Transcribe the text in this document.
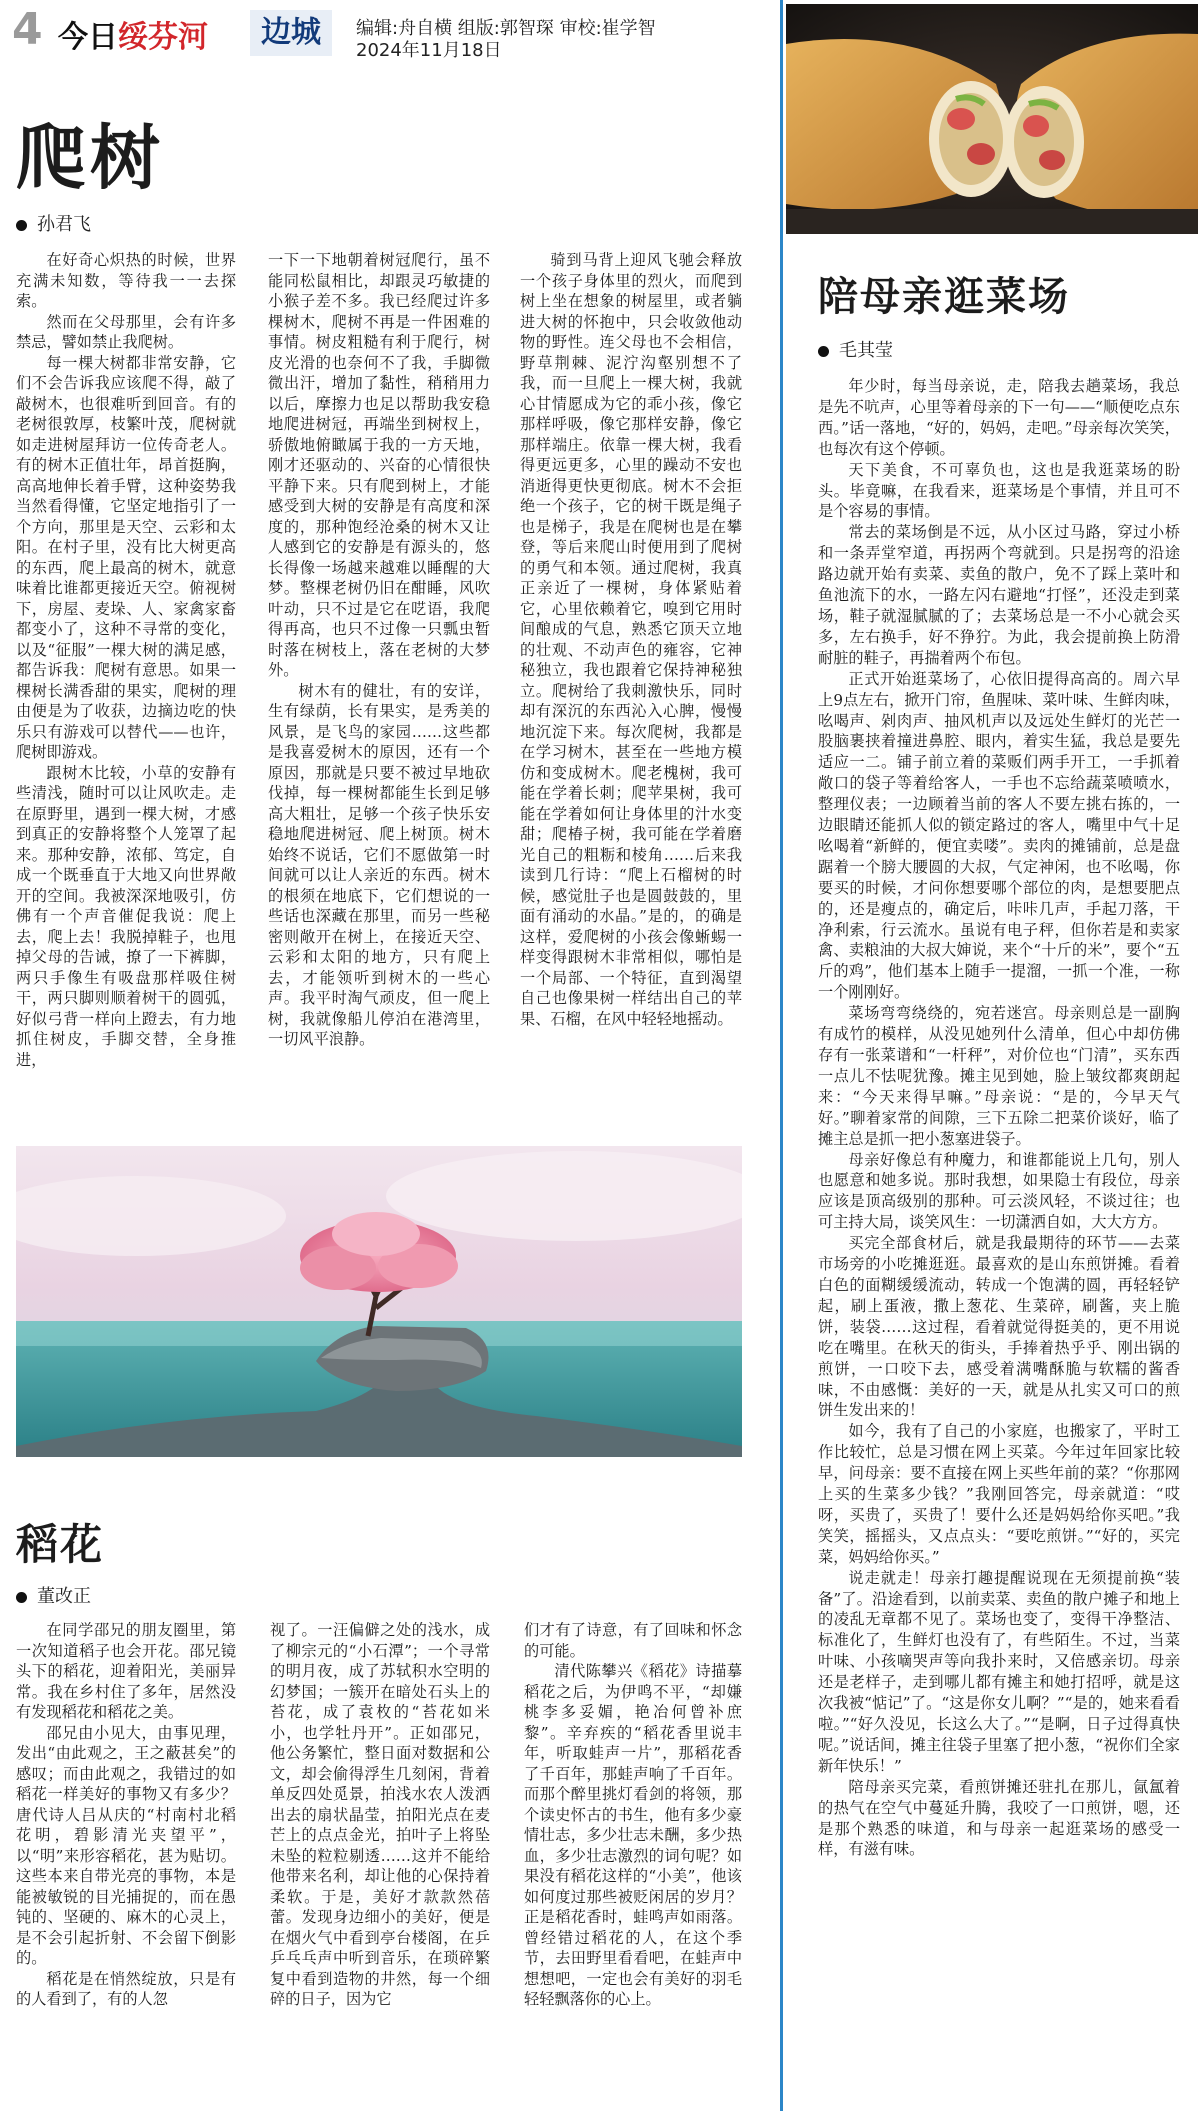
4 今日绥芬河	边城	编辑:舟自横 组版:郭智琛 审校:崔学智
2024年11月18日
爬树
孙君飞

在好奇心炽热的时候，世界充满未知数，等待我一一去探索。

然而在父母那里，会有许多禁忌，譬如禁止我爬树。

每一棵大树都非常安静，它们不会告诉我应该爬不得，敲了敲树木，也很难听到回音。有的老树很敦厚，枝繁叶茂，爬树就如走进树屋拜访一位传奇老人。有的树木正值壮年，昂首挺胸，高高地伸长着手臂，这种姿势我当然看得懂，它坚定地指引了一个方向，那里是天空、云彩和太阳。在村子里，没有比大树更高的东西，爬上最高的树木，就意味着比谁都更接近天空。俯视树下，房屋、麦垛、人、家禽家畜都变小了，这种不寻常的变化，以及“征服”一棵大树的满足感，都告诉我：爬树有意思。如果一棵树长满香甜的果实，爬树的理由便是为了收获，边摘边吃的快乐只有游戏可以替代——也许，爬树即游戏。

跟树木比较，小草的安静有些清浅，随时可以让风吹走。走在原野里，遇到一棵大树，才感到真正的安静将整个人笼罩了起来。那种安静，浓郁、笃定，自成一个既垂直于大地又向世界敞开的空间。我被深深地吸引，仿佛有一个声音催促我说：爬上去，爬上去！我脱掉鞋子，也甩掉父母的告诫，撩了一下裤脚，两只手像生有吸盘那样吸住树干，两只脚则顺着树干的圆弧，好似弓背一样向上蹬去，有力地抓住树皮，手脚交替，全身推进，

一下一下地朝着树冠爬行，虽不能同松鼠相比，却跟灵巧敏捷的小猴子差不多。我已经爬过许多棵树木，爬树不再是一件困难的事情。树皮粗糙有利于爬行，树皮光滑的也奈何不了我，手脚微微出汗，增加了黏性，稍稍用力以后，摩擦力也足以帮助我安稳地爬进树冠，再端坐到树杈上，骄傲地俯瞰属于我的一方天地，刚才还驱动的、兴奋的心情很快平静下来。只有爬到树上，才能感受到大树的安静是有高度和深度的，那种饱经沧桑的树木又让人感到它的安静是有源头的，悠长得像一场越来越难以睡醒的大梦。整棵老树仍旧在酣睡，风吹叶动，只不过是它在呓语，我爬得再高，也只不过像一只瓢虫暂时落在树枝上，落在老树的大梦外。

树木有的健壮，有的安详，生有绿荫，长有果实，是秀美的风景，是飞鸟的家园……这些都是我喜爱树木的原因，还有一个原因，那就是只要不被过早地砍伐掉，每一棵树都能生长到足够高大粗壮，足够一个孩子快乐安稳地爬进树冠、爬上树顶。树木始终不说话，它们不愿做第一时间就可以让人亲近的东西。树木的根须在地底下，它们想说的一些话也深藏在那里，而另一些秘密则敞开在树上，在接近天空、云彩和太阳的地方，只有爬上去，才能领听到树木的一些心声。我平时淘气顽皮，但一爬上树，我就像船儿停泊在港湾里，一切风平浪静。

骑到马背上迎风飞驰会释放一个孩子身体里的烈火，而爬到树上坐在想象的树屋里，或者躺进大树的怀抱中，只会收敛他动物的野性。连父母也不会相信，野草荆棘、泥泞沟壑别想不了我，而一旦爬上一棵大树，我就心甘情愿成为它的乖小孩，像它那样呼吸，像它那样安静，像它那样端庄。依靠一棵大树，我看得更远更多，心里的躁动不安也消逝得更快更彻底。树木不会拒绝一个孩子，它的树干既是绳子也是梯子，我是在爬树也是在攀登，等后来爬山时便用到了爬树的勇气和本领。通过爬树，我真正亲近了一棵树，身体紧贴着它，心里依赖着它，嗅到它用时间酿成的气息，熟悉它顶天立地的壮观、不动声色的雍容，它神秘独立，我也跟着它保持神秘独立。爬树给了我刺激快乐，同时却有深沉的东西沁入心脾，慢慢地沉淀下来。每次爬树，我都是在学习树木，甚至在一些地方模仿和变成树木。爬老槐树，我可能在学着长刺；爬苹果树，我可能在学着如何让身体里的汁水变甜；爬椿子树，我可能在学着磨光自己的粗粝和棱角……后来我读到几行诗：“爬上石榴树的时候，感觉肚子也是圆鼓鼓的，里面有涌动的水晶。”是的，的确是这样，爱爬树的小孩会像蜥蜴一样变得跟树木非常相似，哪怕是一个局部、一个特征，直到渴望自己也像果树一样结出自己的苹果、石榴，在风中轻轻地摇动。

稻花
董改正

在同学邵兄的朋友圈里，第一次知道稻子也会开花。邵兄镜头下的稻花，迎着阳光，美丽异常。我在乡村住了多年，居然没有发现稻花和稻花之美。

邵兄由小见大，由事见理，发出“由此观之，王之蔽甚矣”的感叹；而由此观之，我错过的如稻花一样美好的事物又有多少？唐代诗人吕从庆的“村南村北稻花明，碧影清光夹望平”，以“明”来形容稻花，甚为贴切。这些本来自带光亮的事物，本是能被敏锐的目光捕捉的，而在愚钝的、坚硬的、麻木的心灵上，是不会引起折射、不会留下倒影的。

稻花是在悄然绽放，只是有的人看到了，有的人忽

视了。一汪偏僻之处的浅水，成了柳宗元的“小石潭”；一个寻常的明月夜，成了苏轼积水空明的幻梦国；一簇开在暗处石头上的苔花，成了袁枚的“苔花如米小，也学牡丹开”。正如邵兄，他公务繁忙，整日面对数据和公文，却会偷得浮生几刻闲，背着单反四处觅景，拍浅水农人泼洒出去的扇状晶莹，拍阳光点在麦芒上的点点金光，拍叶子上将坠未坠的粒粒剔透……这并不能给他带来名利，却让他的心保持着柔软。于是，美好才款款然蓓蕾。发现身边细小的美好，便是在烟火气中看到亭台楼阁，在乒乒乓乓声中听到音乐，在琐碎繁复中看到造物的井然，每一个细碎的日子，因为它

们才有了诗意，有了回味和怀念的可能。

清代陈攀兴《稻花》诗描摹稻花之后，为伊鸣不平，“却嫌桃李多妥媚，艳冶何曾补庶黎”。辛弃疾的“稻花香里说丰年，听取蛙声一片”，那稻花香了千百年，那蛙声响了千百年。而那个醉里挑灯看剑的将领，那个读史怀古的书生，他有多少豪情壮志，多少壮志未酬，多少热血，多少壮志激烈的词句呢？如果没有稻花这样的“小美”，他该如何度过那些被贬闲居的岁月？正是稻花香时，蛙鸣声如雨落。曾经错过稻花的人，在这个季节，去田野里看看吧，在蛙声中想想吧，一定也会有美好的羽毛轻轻飘落你的心上。

陪母亲逛菜场
毛其莹

年少时，每当母亲说，走，陪我去趟菜场，我总是先不吭声，心里等着母亲的下一句——“顺便吃点东西。”话一落地，“好的，妈妈，走吧。”母亲每次笑笑，也每次有这个停顿。

天下美食，不可辜负也，这也是我逛菜场的盼头。毕竟嘛，在我看来，逛菜场是个事情，并且可不是个容易的事情。

常去的菜场倒是不远，从小区过马路，穿过小桥和一条弄堂窄道，再拐两个弯就到。只是拐弯的沿途路边就开始有卖菜、卖鱼的散户，免不了踩上菜叶和鱼池流下的水，一路左闪右避地“打怪”，还没走到菜场，鞋子就湿腻腻的了；去菜场总是一不小心就会买多，左右换手，好不狰狞。为此，我会提前换上防滑耐脏的鞋子，再揣着两个布包。

正式开始逛菜场了，心依旧提得高高的。周六早上9点左右，掀开门帘，鱼腥味、菜叶味、生鲜肉味，吆喝声、剁肉声、抽风机声以及远处生鲜灯的光芒一股脑裹挟着撞进鼻腔、眼内，着实生猛，我总是要先适应一二。铺子前立着的菜贩们两手开工，一手抓着敞口的袋子等着给客人，一手也不忘给蔬菜喷喷水，整理仪表；一边顾着当前的客人不要左挑右拣的，一边眼睛还能抓人似的锁定路过的客人，嘴里中气十足吆喝着“新鲜的，便宜卖喽”。卖肉的摊铺前，总是盘踞着一个膀大腰圆的大叔，气定神闲，也不吆喝，你要买的时候，才问你想要哪个部位的肉，是想要肥点的，还是瘦点的，确定后，咔咔几声，手起刀落，干净利索，行云流水。虽说有电子秤，但你若是和卖家禽、卖粮油的大叔大婶说，来个“十斤的米”，要个“五斤的鸡”，他们基本上随手一提溜，一抓一个准，一称一个刚刚好。

菜场弯弯绕绕的，宛若迷宫。母亲则总是一副胸有成竹的模样，从没见她列什么清单，但心中却仿佛存有一张菜谱和“一杆秤”，对价位也“门清”，买东西一点儿不怯呢犹豫。摊主见到她，脸上皱纹都爽朗起来：“今天来得早嘛。”母亲说：“是的，今早天气好。”聊着家常的间隙，三下五除二把菜价谈好，临了摊主总是抓一把小葱塞进袋子。

母亲好像总有种魔力，和谁都能说上几句，别人也愿意和她多说。那时我想，如果隐士有段位，母亲应该是顶高级别的那种。可云淡风轻，不谈过往；也可主持大局，谈笑风生：一切潇洒自如，大大方方。

买完全部食材后，就是我最期待的环节——去菜市场旁的小吃摊逛逛。最喜欢的是山东煎饼摊。看着白色的面糊缓缓流动，转成一个饱满的圆，再轻轻铲起，刷上蛋液，撒上葱花、生菜碎，刷酱，夹上脆饼，装袋……这过程，看着就觉得挺美的，更不用说吃在嘴里。在秋天的街头，手捧着热乎乎、刚出锅的煎饼，一口咬下去，感受着满嘴酥脆与软糯的酱香味，不由感慨：美好的一天，就是从扎实又可口的煎饼生发出来的！

如今，我有了自己的小家庭，也搬家了，平时工作比较忙，总是习惯在网上买菜。今年过年回家比较早，问母亲：要不直接在网上买些年前的菜？“你那网上买的生菜多少钱？”我刚回答完，母亲就道：“哎呀，买贵了，买贵了！要什么还是妈妈给你买吧。”我笑笑，摇摇头，又点点头：“要吃煎饼。”“好的，买完菜，妈妈给你买。”

说走就走！母亲打趣提醒说现在无须提前换“装备”了。沿途看到，以前卖菜、卖鱼的散户摊子和地上的凌乱无章都不见了。菜场也变了，变得干净整洁、标准化了，生鲜灯也没有了，有些陌生。不过，当菜叶味、小孩嘀哭声等向我扑来时，又倍感亲切。母亲还是老样子，走到哪儿都有摊主和她打招呼，就是这次我被“惦记”了。“这是你女儿啊？”“是的，她来看看啦。”“好久没见，长这么大了。”“是啊，日子过得真快呢。”说话间，摊主往袋子里塞了把小葱，“祝你们全家新年快乐！”

陪母亲买完菜，看煎饼摊还驻扎在那儿，氤氲着的热气在空气中蔓延升腾，我咬了一口煎饼，嗯，还是那个熟悉的味道，和与母亲一起逛菜场的感受一样，有滋有味。
